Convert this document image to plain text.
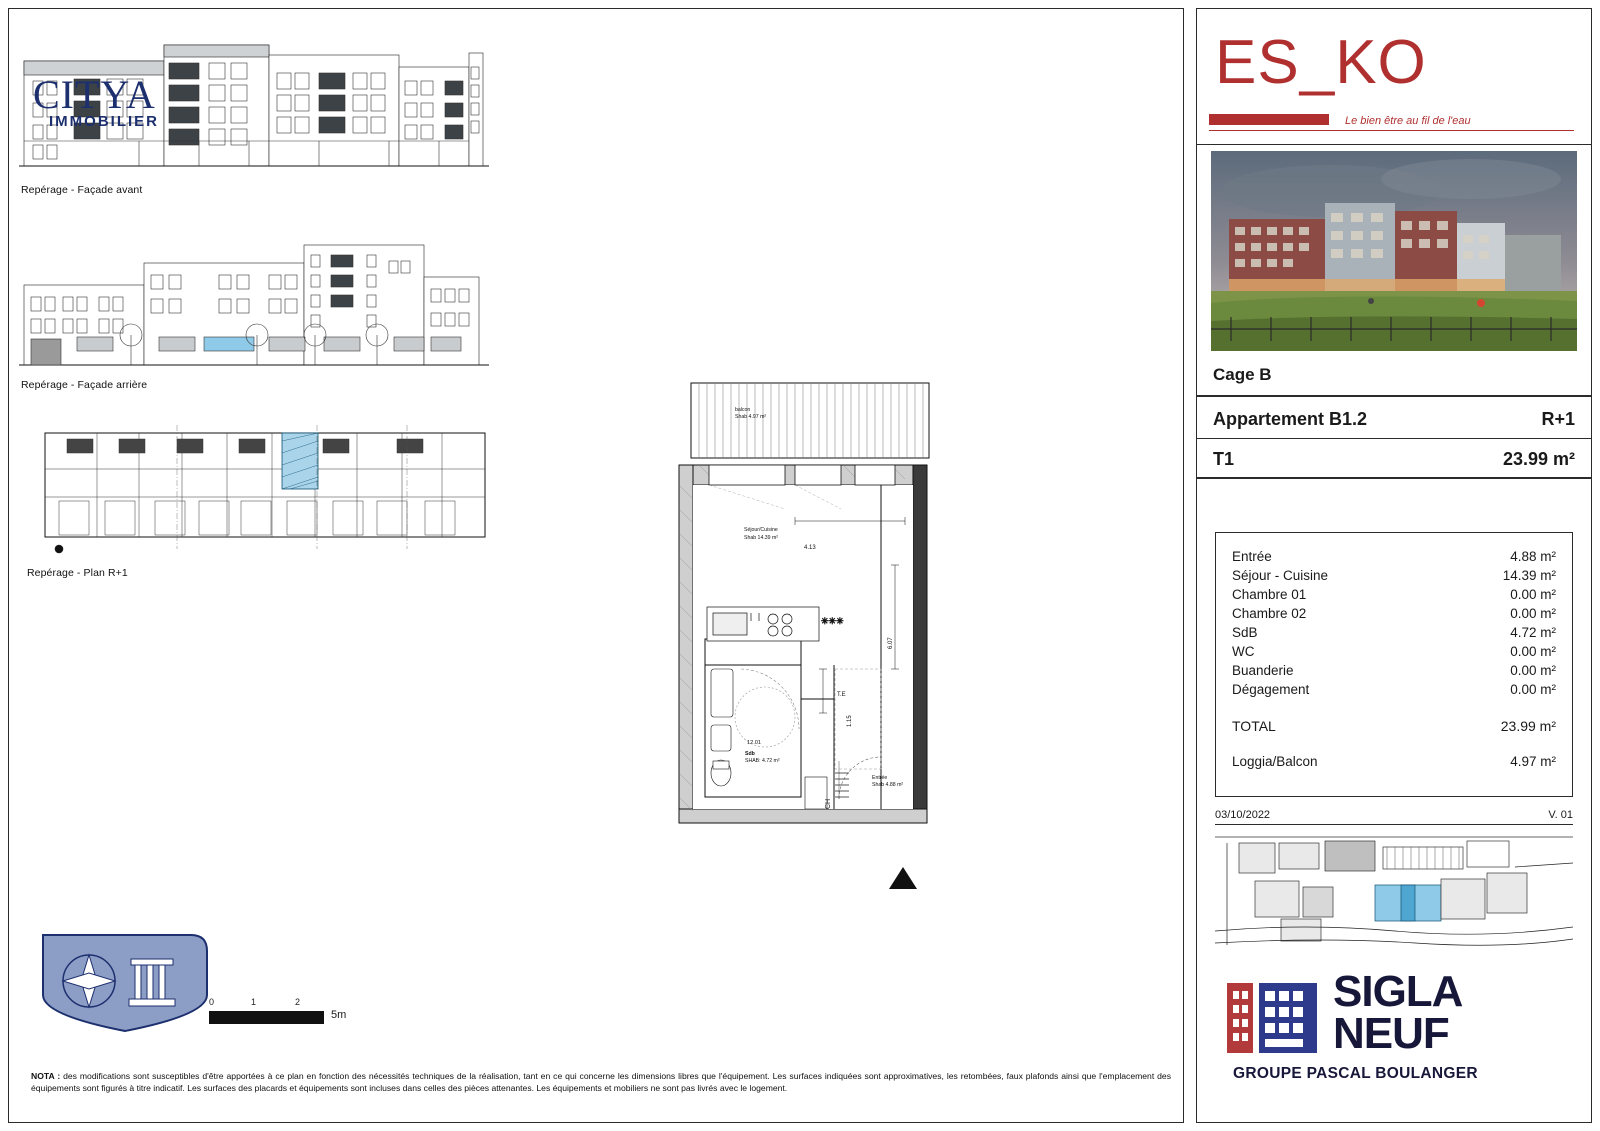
Repérage - Façade avant
Repérage - Façade arrière
Repérage - Plan R+1
✳✳✳
balcon
Shab 4.97 m²
Séjour/Cuisine
Shab 14.39 m²
12.01
Sdb
SHAB: 4.72 m²
Entrée
Shab 4.88 m²
CH
T.E
4.13
6.07
1.15
CITYA
IMMOBILIER
0	1	2
5m
NOTA : des modifications sont susceptibles d'être apportées à ce plan en fonction des nécessités techniques de la réalisation, tant en ce qui concerne les dimensions libres que l'équipement. Les surfaces indiquées sont approximatives, les retombées, faux plafonds ainsi que l'emplacement des équipements sont figurés à titre indicatif. Les surfaces des placards et équipements sont incluses dans celles des pièces attenantes. Les équipements et mobiliers ne sont pas livrés avec le logement.
ES_KO
Le bien être au fil de l'eau
Cage B
Appartement B1.2	R+1
T1	23.99 m²
Entrée	4.88 m²
Séjour - Cuisine	14.39 m²
Chambre 01	0.00 m²
Chambre 02	0.00 m²
SdB	4.72 m²
WC	0.00 m²
Buanderie	0.00 m²
Dégagement	0.00 m²
TOTAL	23.99 m²
Loggia/Balcon	4.97 m²
03/10/2022	V. 01
SIGLA
NEUF
GROUPE PASCAL BOULANGER
